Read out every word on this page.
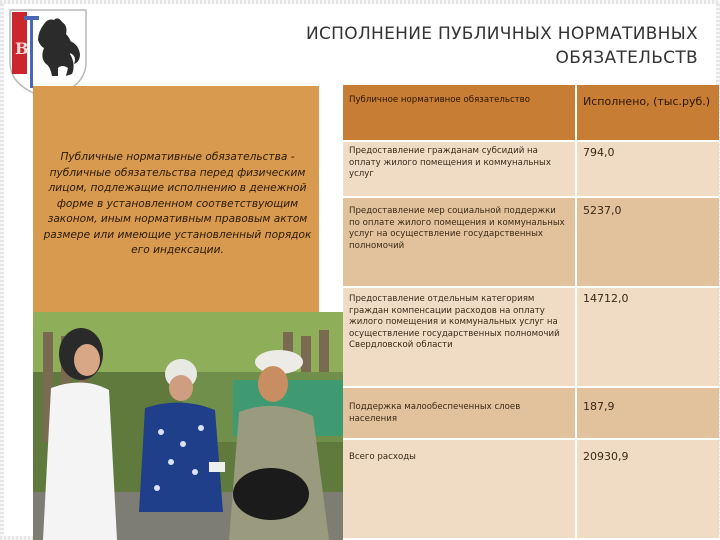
В
ИСПОЛНЕНИЕ ПУБЛИЧНЫХ НОРМАТИВНЫХ
ОБЯЗАТЕЛЬСТВ
Публичные нормативные обязательства - публичные обязательства перед физическим лицом, подлежащие исполнению в денежной форме в установленном соответствующим законом, иным нормативным правовым актом размере или имеющие установленный порядок его индексации.
Публичное нормативное обязательство	Исполнено, (тыс.руб.)
Предоставление гражданам субсидий на оплату жилого помещения и коммунальных услуг	794,0
Предоставление мер социальной поддержки по оплате жилого помещения и коммунальных услуг на осуществление государственных полномочий	5237,0
Предоставление отдельным категориям граждан компенсации расходов на оплату жилого помещения и коммунальных услуг на осуществление государственных полномочий Свердловской области	14712,0
Поддержка малообеспеченных слоев населения	187,9
Всего расходы	20930,9
